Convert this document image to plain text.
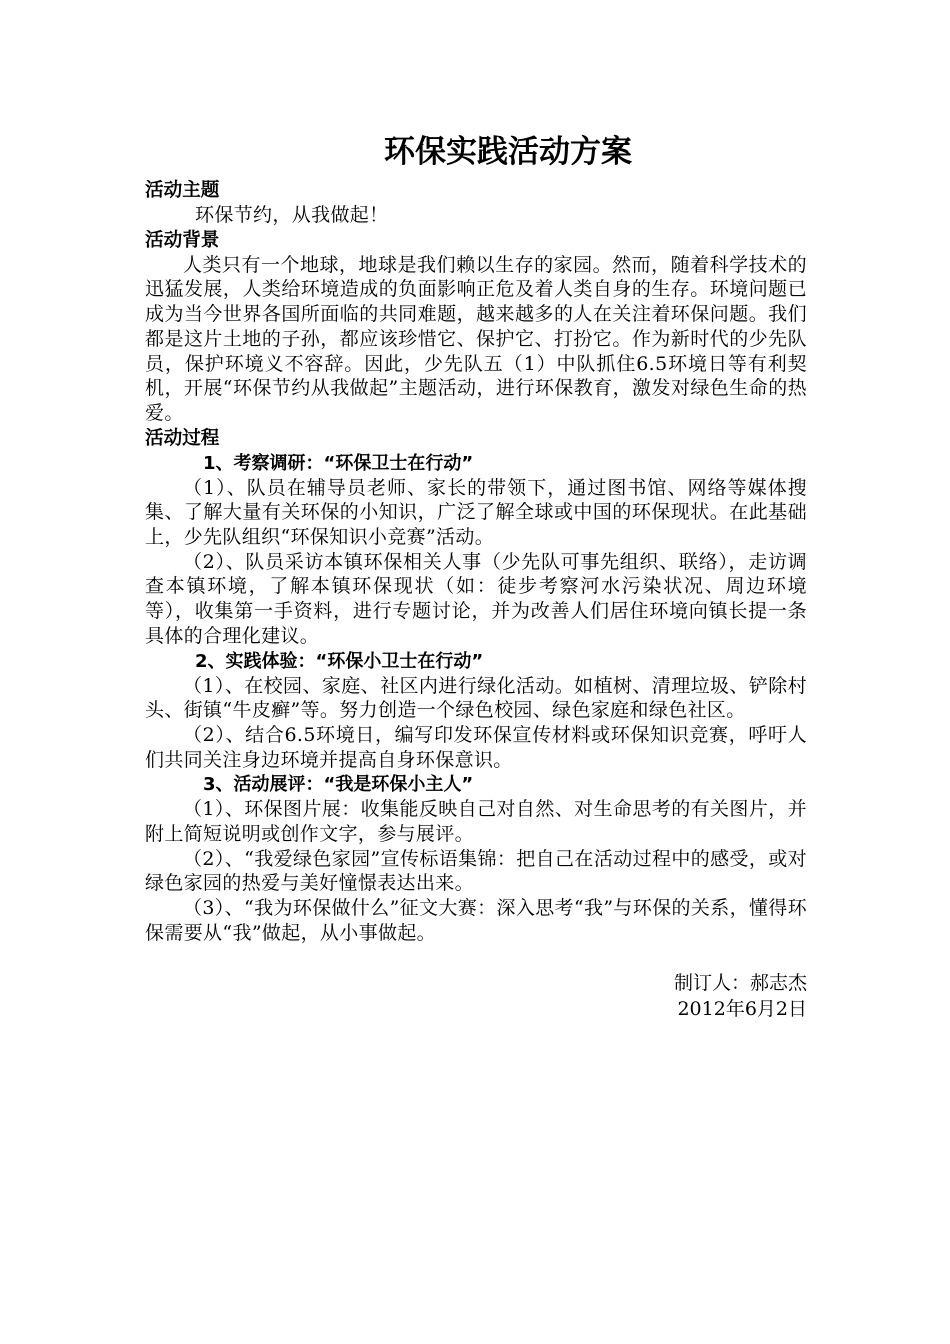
环保实践活动方案
活动主题

环保节约，从我做起！

活动背景

人类只有一个地球，地球是我们赖以生存的家园。然而，随着科学技术的迅猛发展，人类给环境造成的负面影响正危及着人类自身的生存。环境问题已成为当今世界各国所面临的共同难题，越来越多的人在关注着环保问题。我们都是这片土地的子孙，都应该珍惜它、保护它、打扮它。作为新时代的少先队员，保护环境义不容辞。因此，少先队五（1）中队抓住6.5环境日等有利契机，开展“环保节约从我做起”主题活动，进行环保教育，激发对绿色生命的热爱。

活动过程
1、考察调研：“环保卫士在行动”

（1）、队员在辅导员老师、家长的带领下，通过图书馆、网络等媒体搜集、了解大量有关环保的小知识，广泛了解全球或中国的环保现状。在此基础上，少先队组织“环保知识小竞赛”活动。

（2）、队员采访本镇环保相关人事（少先队可事先组织、联络），走访调查本镇环境，了解本镇环保现状（如：徒步考察河水污染状况、周边环境等），收集第一手资料，进行专题讨论，并为改善人们居住环境向镇长提一条具体的合理化建议。

2、实践体验：“环保小卫士在行动”

（1）、在校园、家庭、社区内进行绿化活动。如植树、清理垃圾、铲除村头、街镇“牛皮癣”等。努力创造一个绿色校园、绿色家庭和绿色社区。

（2）、结合6.5环境日，编写印发环保宣传材料或环保知识竞赛，呼吁人们共同关注身边环境并提高自身环保意识。

3、活动展评：“我是环保小主人”

（1）、环保图片展：收集能反映自己对自然、对生命思考的有关图片，并附上简短说明或创作文字，参与展评。

（2）、“我爱绿色家园”宣传标语集锦：把自己在活动过程中的感受，或对绿色家园的热爱与美好憧憬表达出来。

（3）、“我为环保做什么”征文大赛：深入思考“我”与环保的关系，懂得环保需要从“我”做起，从小事做起。

制订人：郝志杰
2012年6月2日
